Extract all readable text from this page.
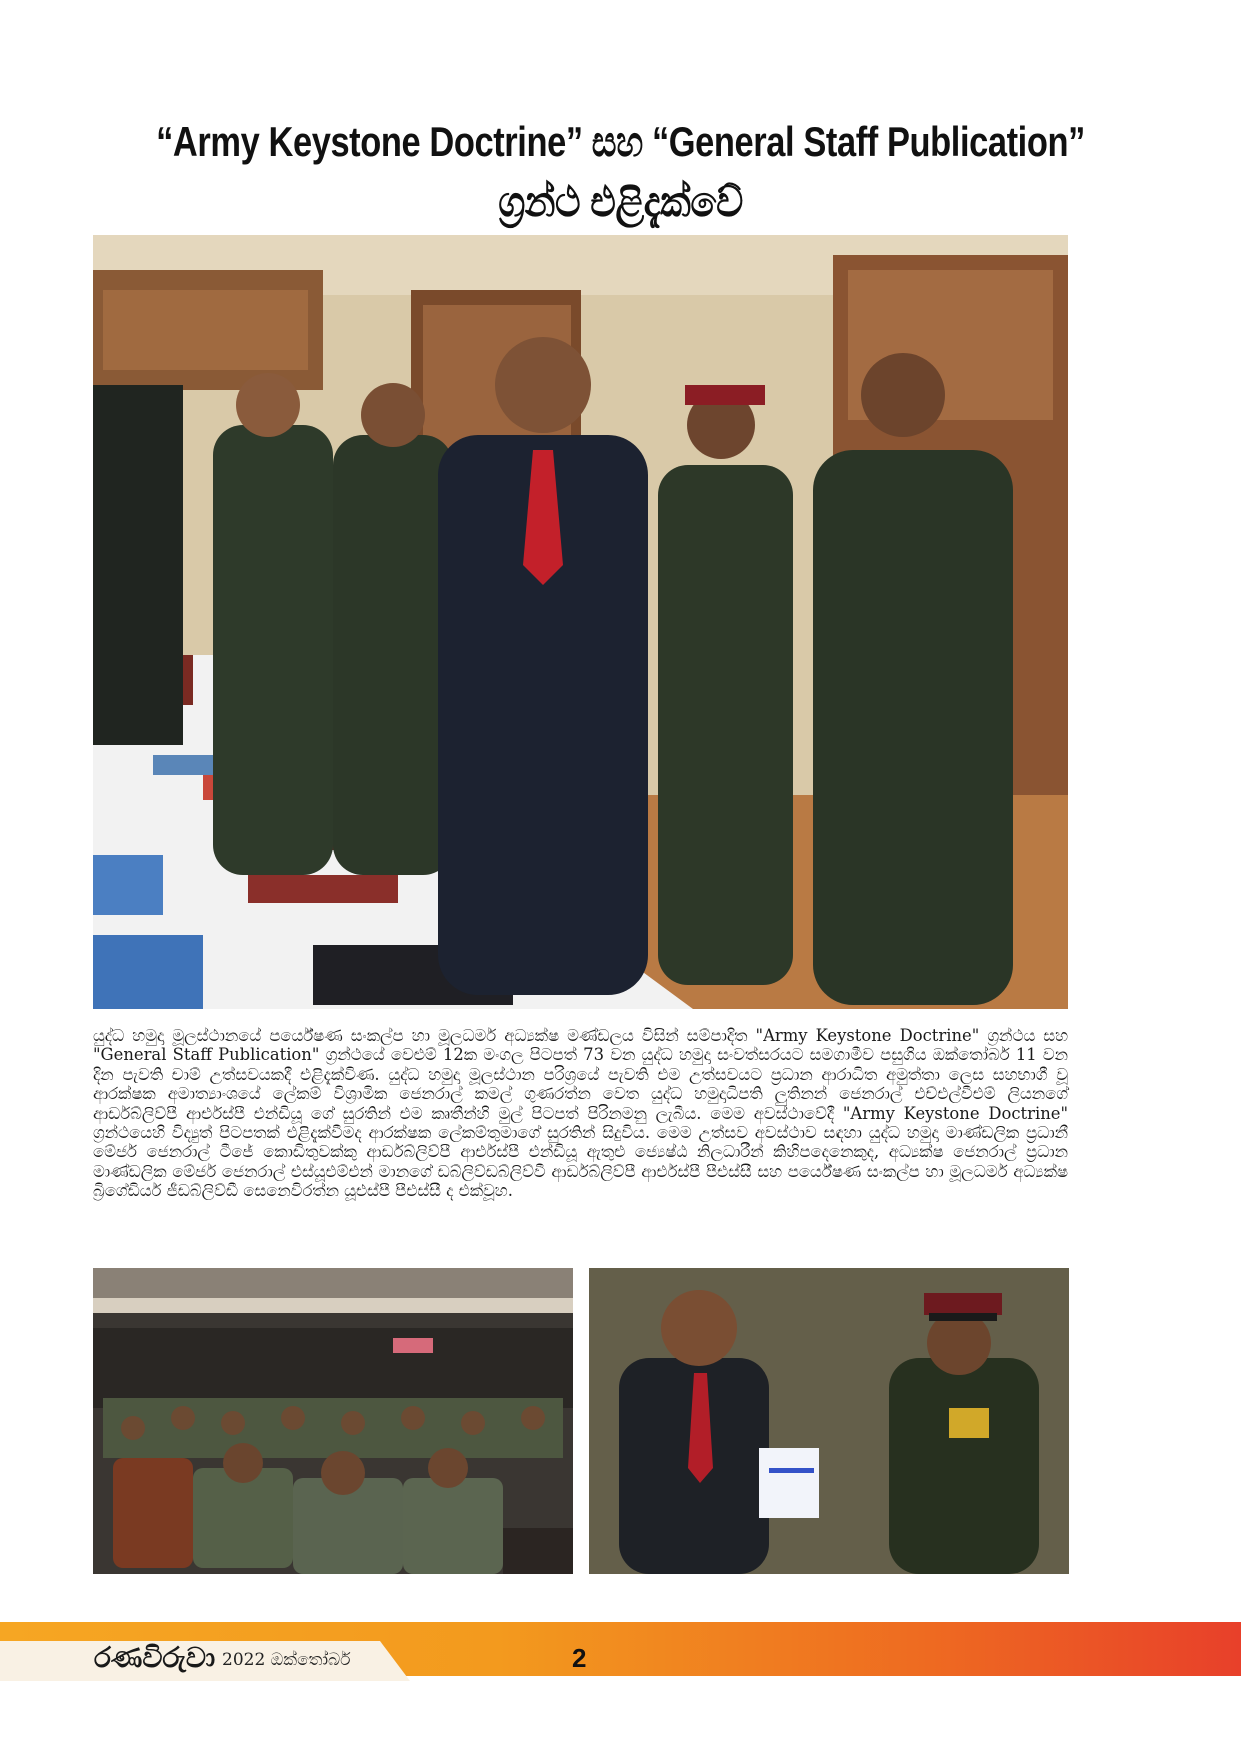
“Army Keystone Doctrine” සහ “General Staff Publication”
ග්‍රන්ථ එළිදැක්වේ
යුද්ධ හමුදා මූලස්ථානයේ පර්යේෂණ සංකල්ප හා මූලධර්ම අධ්‍යක්ෂ මණ්ඩලය විසින් සම්පාදිත "Army Keystone Doctrine" ග්‍රන්ථය සහ "General Staff Publication" ග්‍රන්ථයේ වෙළුම් 12ක මංගල පිටපත් 73 වන යුද්ධ හමුදා සංවත්සරයට සමගාමීව පසුගිය ඔක්තෝබර් 11 වන දින පැවති චාම් උත්සවයකදී එළිදැක්විණ. යුද්ධ හමුදා මූලස්ථාන පරිශ්‍රයේ පැවති එම උත්සවයට ප්‍රධාන ආරාධිත අමුත්තා ලෙස සහභාගී වූ ආරක්ෂක අමාත්‍යාංශයේ ලේකම් විශ්‍රාමික ජෙනරාල් කමල් ගුණරත්න වෙත යුද්ධ හමුදාධිපති ලුතිනන් ජෙනරාල් එච්එල්වීඑම් ලියනගේ ආර්ඩබ්ලිව්පී ආර්එස්පී එන්ඩියූ ගේ සුරතින් එම කෘතීන්හි මුල් පිටපත් පිරිනමනු ලැබීය. මෙම අවස්ථාවේදී "Army Keystone Doctrine" ග්‍රන්ථයෙහි විද්‍යුත් පිටපතක් එළිදැක්වීමද ආරක්ෂක ලේකම්තුමාගේ සුරතින් සිදුවිය. මෙම උත්සව අවස්ථාව සඳහා යුද්ධ හමුදා මාණ්ඩලික ප්‍රධානී මේජර් ජෙනරාල් ටීජේ කොඩිතුවක්කු ආර්ඩබ්ලිව්පී ආර්එස්පී එන්ඩියූ ඇතුළු ජ්‍යෙෂ්ඨ නිලධාරීන් කිහිපදෙනෙකුද, අධ්‍යක්ෂ ජෙනරාල් ප්‍රධාන මාණ්ඩලික මේජර් ජෙනරාල් එස්යූඑම්එන් මානගේ ඩබ්ලිව්ඩබ්ලිව්වී ආර්ඩබ්ලිව්පී ආර්එස්පී පීඑස්සී සහ පර්යේෂණ සංකල්ප හා මූලධර්ම අධ්‍යක්ෂ බ්‍රිගේඩියර් ජීඩබ්ලිව්ඩී සෙනෙවිරත්න යූඑස්පී පීඑස්සී ද එක්වූහ.
රණවිරුවා 2022 ඔක්තෝබර්	2
